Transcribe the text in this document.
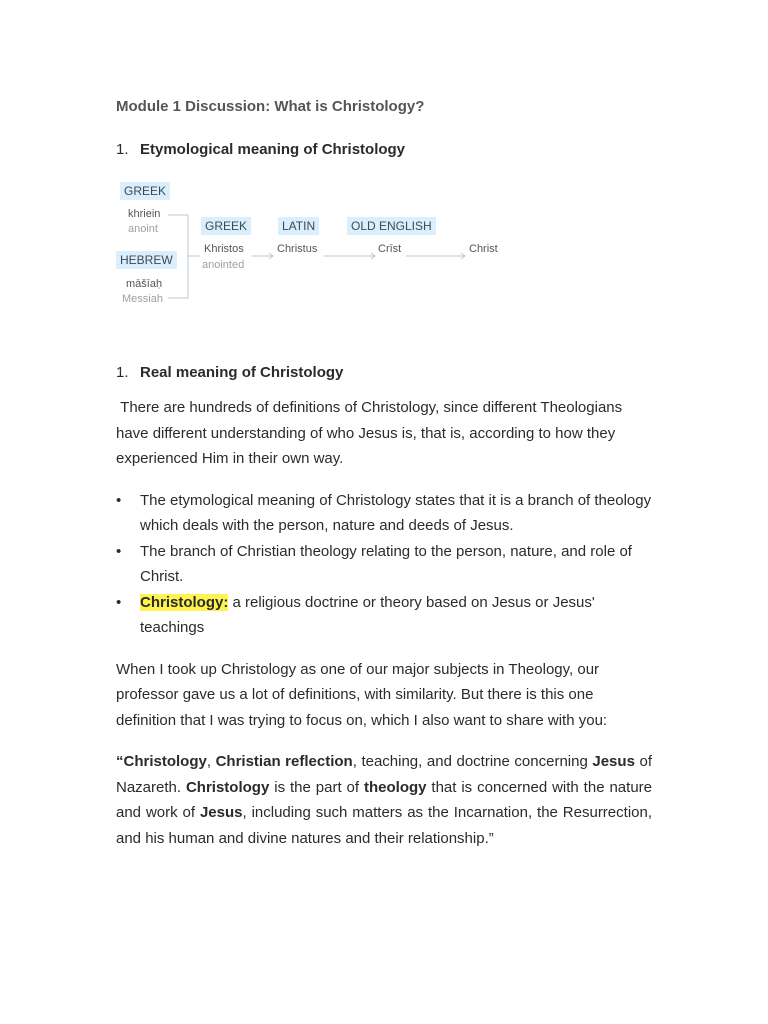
Module 1 Discussion: What is Christology?

1. Etymological meaning of Christology
GREEK
khriein
anoint
HEBREW
māšīaḥ
Messiah
GREEK
Khristos
anointed
LATIN
Christus
OLD ENGLISH
Crīst	Christ
1. Real meaning of Christology

There are hundreds of definitions of Christology, since different Theologians have different understanding of who Jesus is, that is, according to how they experienced Him in their own way.

• The etymological meaning of Christology states that it is a branch of theology which deals with the person, nature and deeds of Jesus.
• The branch of Christian theology relating to the person, nature, and role of Christ.
• Christology: a religious doctrine or theory based on Jesus or Jesus' teachings

When I took up Christology as one of our major subjects in Theology, our professor gave us a lot of definitions, with similarity. But there is this one definition that I was trying to focus on, which I also want to share with you:

“Christology, Christian reflection, teaching, and doctrine concerning Jesus of Nazareth. Christology is the part of theology that is concerned with the nature and work of Jesus, including such matters as the Incarnation, the Resurrection, and his human and divine natures and their relationship.”
